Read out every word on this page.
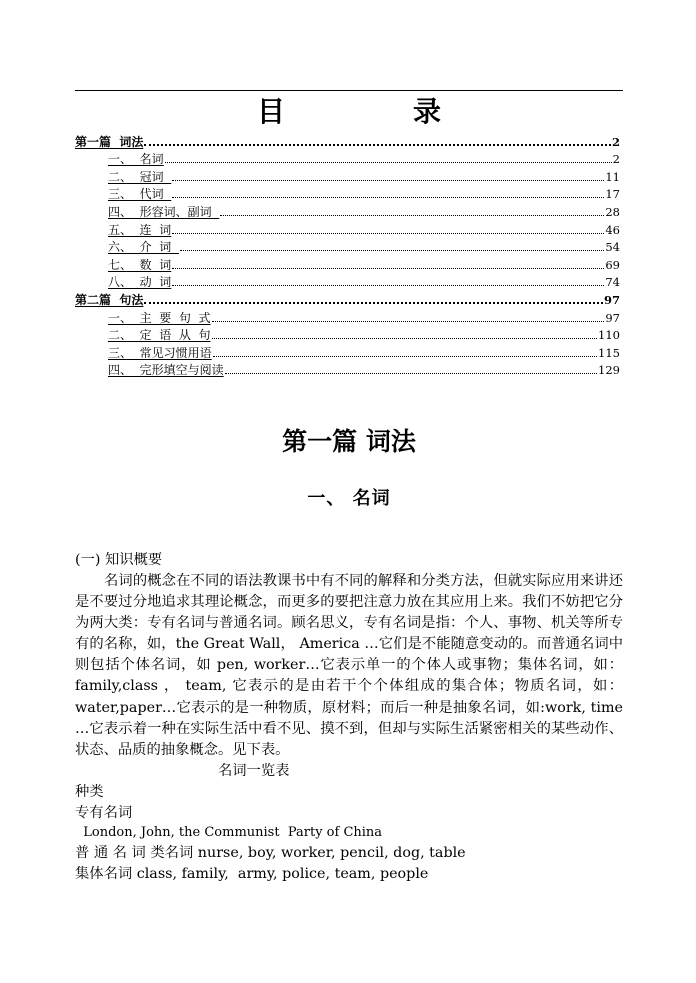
目　录
第一篇  词法	2
一、  名词	2
二、  冠词	11
三、  代词	17
四、  形容词、副词	28
五、  连  词	46
六、  介  词	54
七、  数  词	69
八、  动  词	74
第二篇  句法	97
一、  主  要  句  式	97
二、  定  语  从  句	110
三、  常见习惯用语	115
四、  完形填空与阅读	129
第一篇 词法
一、 名词
(一) 知识概要
名词的概念在不同的语法教课书中有不同的解释和分类方法，但就实际应用来讲还是不要过分地追求其理论概念，而更多的要把注意力放在其应用上来。我们不妨把它分为两大类：专有名词与普通名词。顾名思义，专有名词是指：个人、事物、机关等所专有的名称，如，the Great Wall， America …它们是不能随意变动的。而普通名词中则包括个体名词，如 pen, worker…它表示单一的个体人或事物；集体名词，如：family,class ， team, 它表示的是由若干个个体组成的集合体；物质名词，如：water,paper…它表示的是一种物质，原材料；而后一种是抽象名词，如:work, time …它表示着一种在实际生活中看不见、摸不到，但却与实际生活紧密相关的某些动作、状态、品质的抽象概念。见下表。
名词一览表
种类
专有名词
London, John, the Communist  Party of China
普 通 名 词 类名词 nurse, boy, worker, pencil, dog, table
集体名词 class, family,  army, police, team, people
